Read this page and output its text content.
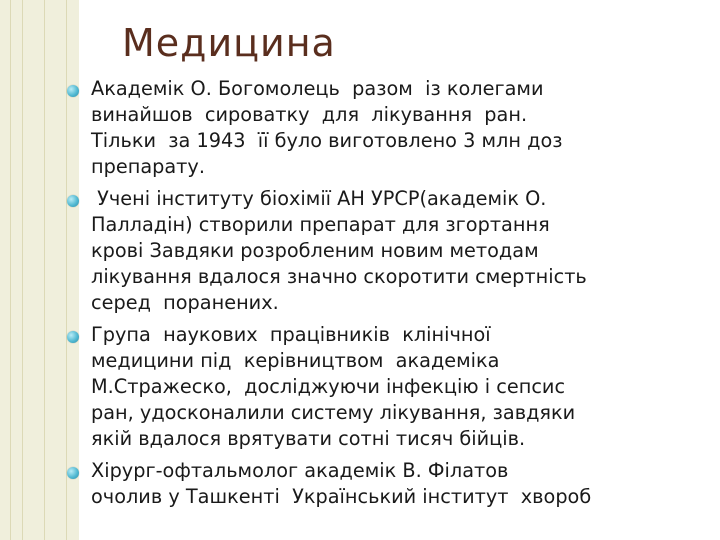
Медицина
Академік О. Богомолець  разом  із колегами
винайшов  сироватку  для  лікування  ран.
Тільки  за 1943  її було виготовлено 3 млн доз
препарату.
Учені інституту біохімії АН УРСР(академік О.
Палладін) створили препарат для згортання
крові Завдяки розробленим новим методам
лікування вдалося значно скоротити смертність
серед  поранених.
Група  наукових  працівників  клінічної
медицини під  керівництвом  академіка
М.Стражеско,  досліджуючи інфекцію і сепсис
ран, удосконалили систему лікування, завдяки
якій вдалося врятувати сотні тисяч бійців.
Хірург-офтальмолог академік В. Філатов
очолив у Ташкенті  Український інститут  хвороб
